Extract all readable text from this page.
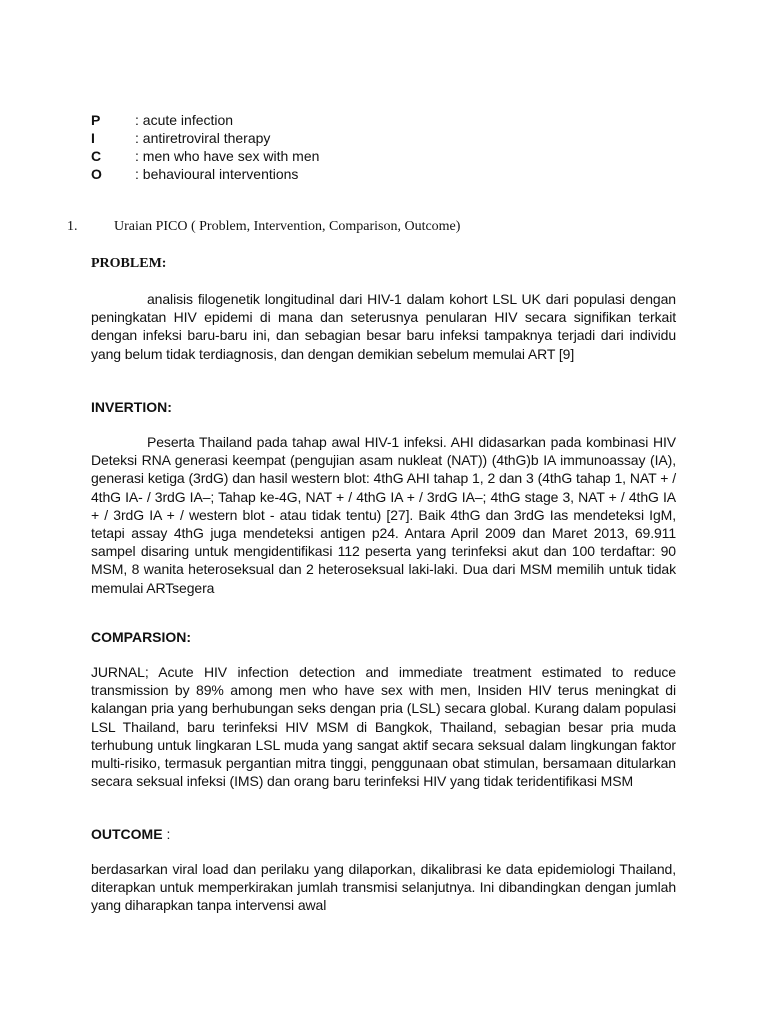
P	: acute infection
I	: antiretroviral therapy
C	: men who have sex with men
O	: behavioural interventions
1.	Uraian PICO ( Problem, Intervention, Comparison, Outcome)
PROBLEM:
analisis filogenetik longitudinal dari HIV-1 dalam kohort LSL UK dari populasi dengan peningkatan HIV epidemi di mana dan seterusnya penularan HIV secara signifikan terkait dengan infeksi baru-baru ini, dan sebagian besar baru infeksi tampaknya terjadi dari individu yang belum tidak terdiagnosis, dan dengan demikian sebelum memulai ART [9]
INVERTION:
Peserta Thailand pada tahap awal HIV-1 infeksi. AHI didasarkan pada kombinasi HIV Deteksi RNA generasi keempat (pengujian asam nukleat (NAT)) (4thG)b IA immunoassay (IA), generasi ketiga (3rdG) dan hasil western blot: 4thG AHI tahap 1, 2 dan 3 (4thG tahap 1, NAT + / 4thG IA- / 3rdG IA–; Tahap ke-4G, NAT + / 4thG IA + / 3rdG IA–; 4thG stage 3, NAT + / 4thG IA + / 3rdG IA + / western blot - atau tidak tentu) [27]. Baik 4thG dan 3rdG Ias mendeteksi IgM, tetapi assay 4thG juga mendeteksi antigen p24. Antara April 2009 dan Maret 2013, 69.911 sampel disaring untuk mengidentifikasi 112 peserta yang terinfeksi akut dan 100 terdaftar: 90 MSM, 8 wanita heteroseksual dan 2 heteroseksual laki-laki. Dua dari MSM memilih untuk tidak memulai ARTsegera
COMPARSION:
JURNAL; Acute HIV infection detection and immediate treatment estimated to reduce transmission by 89% among men who have sex with men, Insiden HIV terus meningkat di kalangan pria yang berhubungan seks dengan pria (LSL) secara global. Kurang dalam populasi LSL Thailand, baru terinfeksi HIV MSM di Bangkok, Thailand, sebagian besar pria muda terhubung untuk lingkaran LSL muda yang sangat aktif secara seksual dalam lingkungan faktor multi-risiko, termasuk pergantian mitra tinggi, penggunaan obat stimulan, bersamaan ditularkan secara seksual infeksi (IMS) dan orang baru terinfeksi HIV yang tidak teridentifikasi MSM
OUTCOME :
berdasarkan viral load dan perilaku yang dilaporkan, dikalibrasi ke data epidemiologi Thailand, diterapkan untuk memperkirakan jumlah transmisi selanjutnya. Ini dibandingkan dengan jumlah yang diharapkan tanpa intervensi awal
